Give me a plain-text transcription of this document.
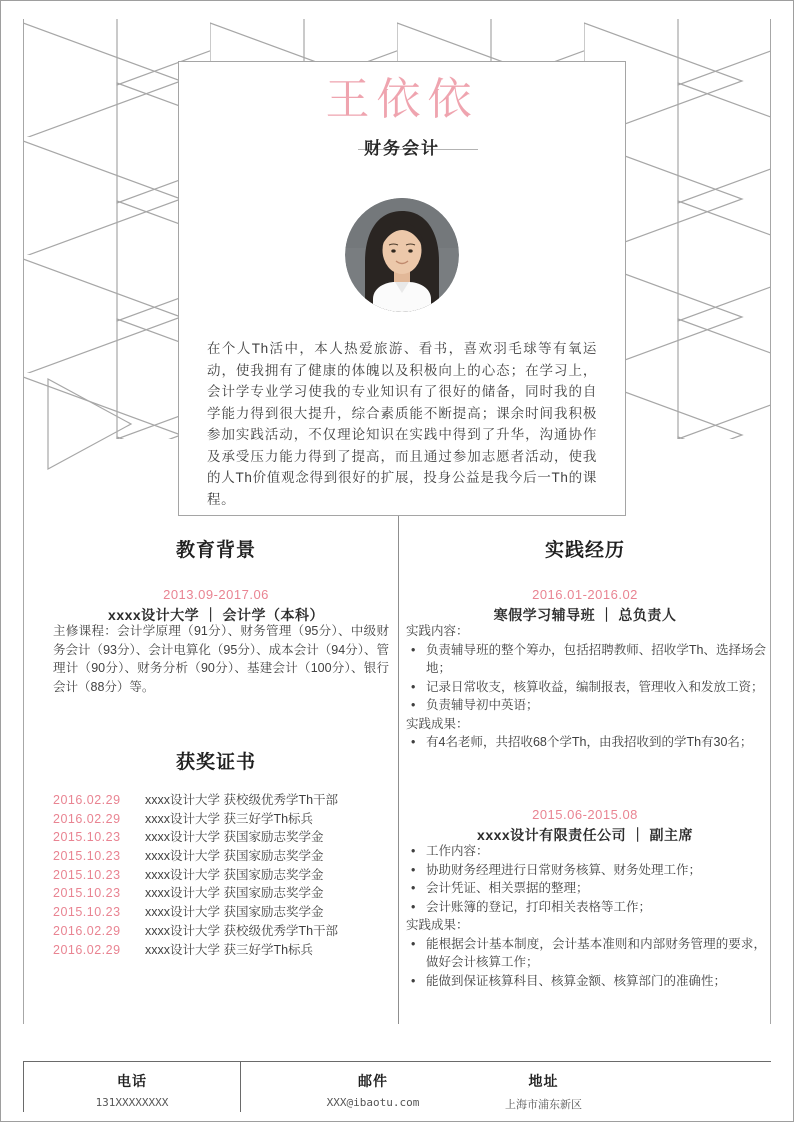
王依依
财务会计
在个人Th活中，本人热爱旅游、看书，喜欢羽毛球等有氧运动，使我拥有了健康的体魄以及积极向上的心态；在学习上，会计学专业学习使我的专业知识有了很好的储备，同时我的自学能力得到很大提升，综合素质能不断提高；课余时间我积极参加实践活动，不仅理论知识在实践中得到了升华，沟通协作及承受压力能力得到了提高，而且通过参加志愿者活动，使我的人Th价值观念得到很好的扩展，投身公益是我今后一Th的课程。
教育背景
2013.09-2017.06
xxxx设计大学 ｜ 会计学（本科）
主修课程：会计学原理（91分）、财务管理（95分）、中级财务会计（93分）、会计电算化（95分）、成本会计（94分）、管理计（90分）、财务分析（90分）、基建会计（100分）、银行会计（88分）等。
获奖证书
2016.02.29	xxxx设计大学 获校级优秀学Th干部
2016.02.29	xxxx设计大学 获三好学Th标兵
2015.10.23	xxxx设计大学 获国家励志奖学金
2015.10.23	xxxx设计大学 获国家励志奖学金
2015.10.23	xxxx设计大学 获国家励志奖学金
2015.10.23	xxxx设计大学 获国家励志奖学金
2015.10.23	xxxx设计大学 获国家励志奖学金
2016.02.29	xxxx设计大学 获校级优秀学Th干部
2016.02.29	xxxx设计大学 获三好学Th标兵
实践经历
2016.01-2016.02
寒假学习辅导班 ｜ 总负责人
实践内容：
• 负责辅导班的整个筹办，包括招聘教师、招收学Th、选择场会地；
• 记录日常收支，核算收益，编制报表，管理收入和发放工资；
• 负责辅导初中英语；
实践成果：
• 有4名老师，共招收68个学Th，由我招收到的学Th有30名；
2015.06-2015.08
xxxx设计有限责任公司 ｜ 副主席
• 工作内容：
• 协助财务经理进行日常财务核算、财务处理工作；
• 会计凭证、相关票据的整理；
• 会计账簿的登记，打印相关表格等工作；
实践成果：
• 能根据会计基本制度，会计基本准则和内部财务管理的要求，做好会计核算工作；
• 能做到保证核算科目、核算金额、核算部门的准确性；
电话
131XXXXXXXX
邮件
XXX@ibaotu.com
地址
上海市浦东新区
